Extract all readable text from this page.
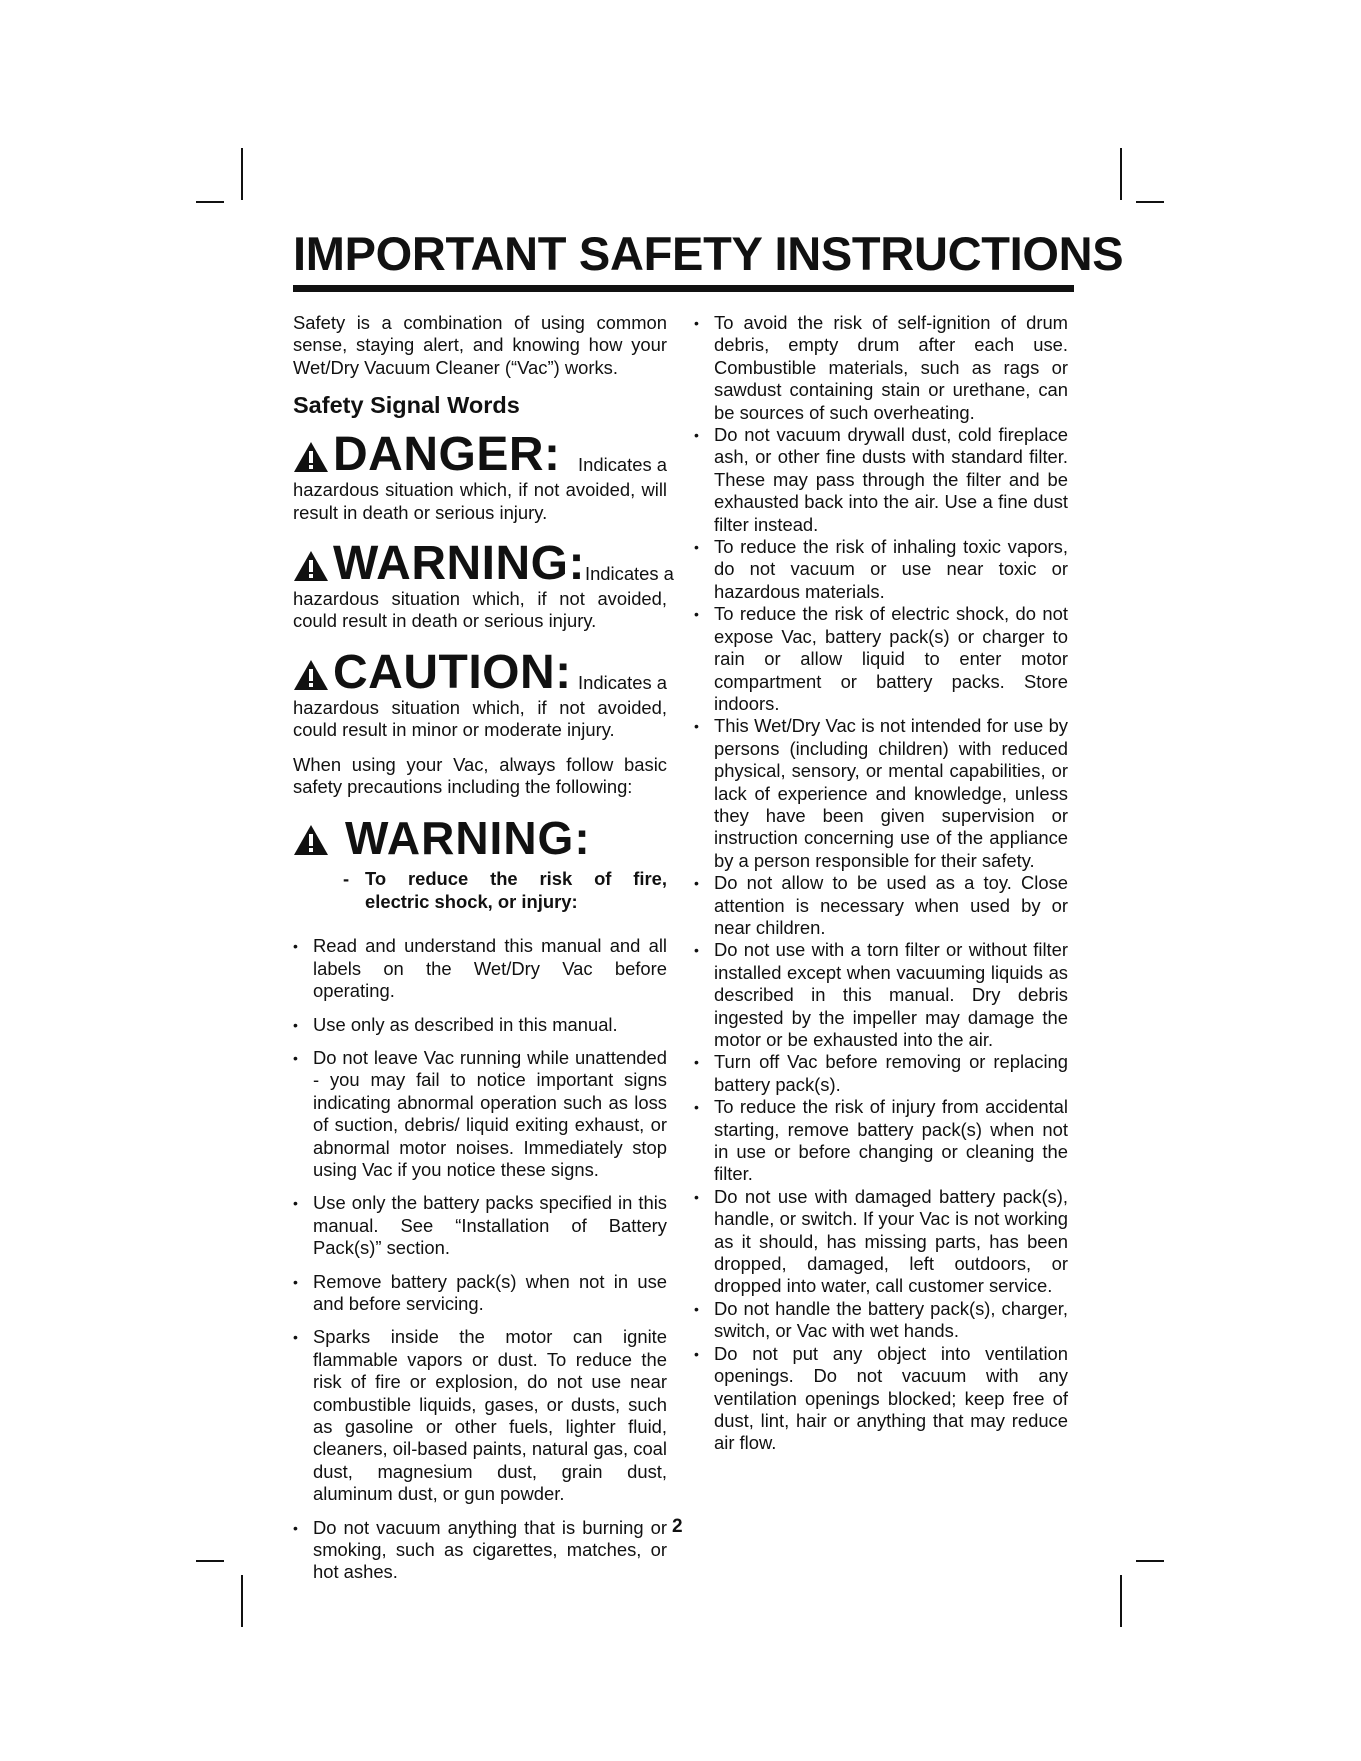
IMPORTANT SAFETY INSTRUCTIONS

Safety is a combination of using common sense, staying alert, and knowing how your Wet/Dry Vacuum Cleaner (“Vac”) works.

Safety Signal Words
DANGER: Indicates a

hazardous situation which, if not avoided, will result in death or serious injury.

WARNING: Indicates a

hazardous situation which, if not avoided, could result in death or serious injury.

CAUTION: Indicates a

hazardous situation which, if not avoided, could result in minor or moderate injury.

When using your Vac, always follow basic safety precautions including the following:

WARNING:
- To reduce the risk of fire,
electric shock, or injury:
• Read and understand this manual and all labels on the Wet/Dry Vac before operating.
• Use only as described in this manual.
• Do not leave Vac running while unattended - you may fail to notice important signs indicating abnormal operation such as loss of suction, debris/ liquid exiting exhaust, or abnormal motor noises. Immediately stop using Vac if you notice these signs.
• Use only the battery packs specified in this manual. See “Installation of Battery Pack(s)” section.
• Remove battery pack(s) when not in use and before servicing.
• Sparks inside the motor can ignite flammable vapors or dust. To reduce the risk of fire or explosion, do not use near combustible liquids, gases, or dusts, such as gasoline or other fuels, lighter fluid, cleaners, oil-based paints, natural gas, coal dust, magnesium dust, grain dust, aluminum dust, or gun powder.
• Do not vacuum anything that is burning or smoking, such as cigarettes, matches, or hot ashes.
• To avoid the risk of self-ignition of drum debris, empty drum after each use. Combustible materials, such as rags or sawdust containing stain or urethane, can be sources of such overheating.
• Do not vacuum drywall dust, cold fireplace ash, or other fine dusts with standard filter. These may pass through the filter and be exhausted back into the air. Use a fine dust filter instead.
• To reduce the risk of inhaling toxic vapors, do not vacuum or use near toxic or hazardous materials.
• To reduce the risk of electric shock, do not expose Vac, battery pack(s) or charger to rain or allow liquid to enter motor compartment or battery packs. Store indoors.
• This Wet/Dry Vac is not intended for use by persons (including children) with reduced physical, sensory, or mental capabilities, or lack of experience and knowledge, unless they have been given supervision or instruction concerning use of the appliance by a person responsible for their safety.
• Do not allow to be used as a toy. Close attention is necessary when used by or near children.
• Do not use with a torn filter or without filter installed except when vacuuming liquids as described in this manual. Dry debris ingested by the impeller may damage the motor or be exhausted into the air.
• Turn off Vac before removing or replacing battery pack(s).
• To reduce the risk of injury from accidental starting, remove battery pack(s) when not in use or before changing or cleaning the filter.
• Do not use with damaged battery pack(s), handle, or switch. If your Vac is not working as it should, has missing parts, has been dropped, damaged, left outdoors, or dropped into water, call customer service.
• Do not handle the battery pack(s), charger, switch, or Vac with wet hands.
• Do not put any object into ventilation openings. Do not vacuum with any ventilation openings blocked; keep free of dust, lint, hair or anything that may reduce air flow.
2
